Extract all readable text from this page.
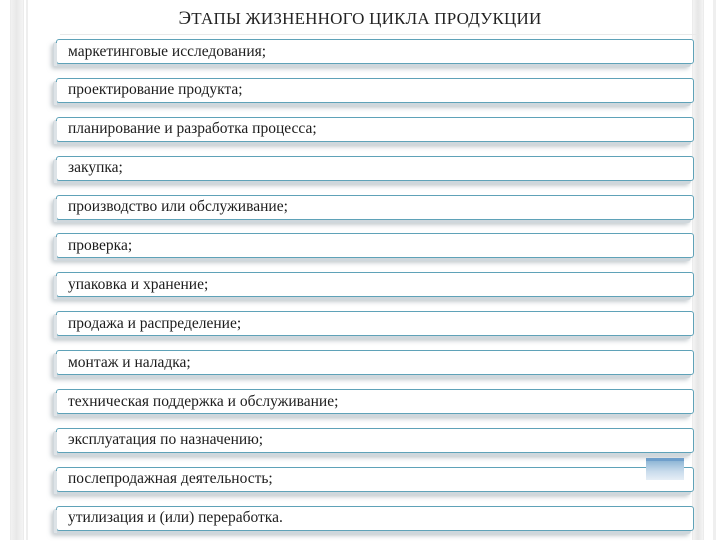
ЭТАПЫ ЖИЗНЕННОГО ЦИКЛА ПРОДУКЦИИ
маркетинговые исследования;
проектирование продукта;
планирование и разработка процесса;
закупка;
производство или обслуживание;
проверка;
упаковка и хранение;
продажа и распределение;
монтаж и наладка;
техническая поддержка и обслуживание;
эксплуатация по назначению;
послепродажная деятельность;
утилизация и (или) переработка.
